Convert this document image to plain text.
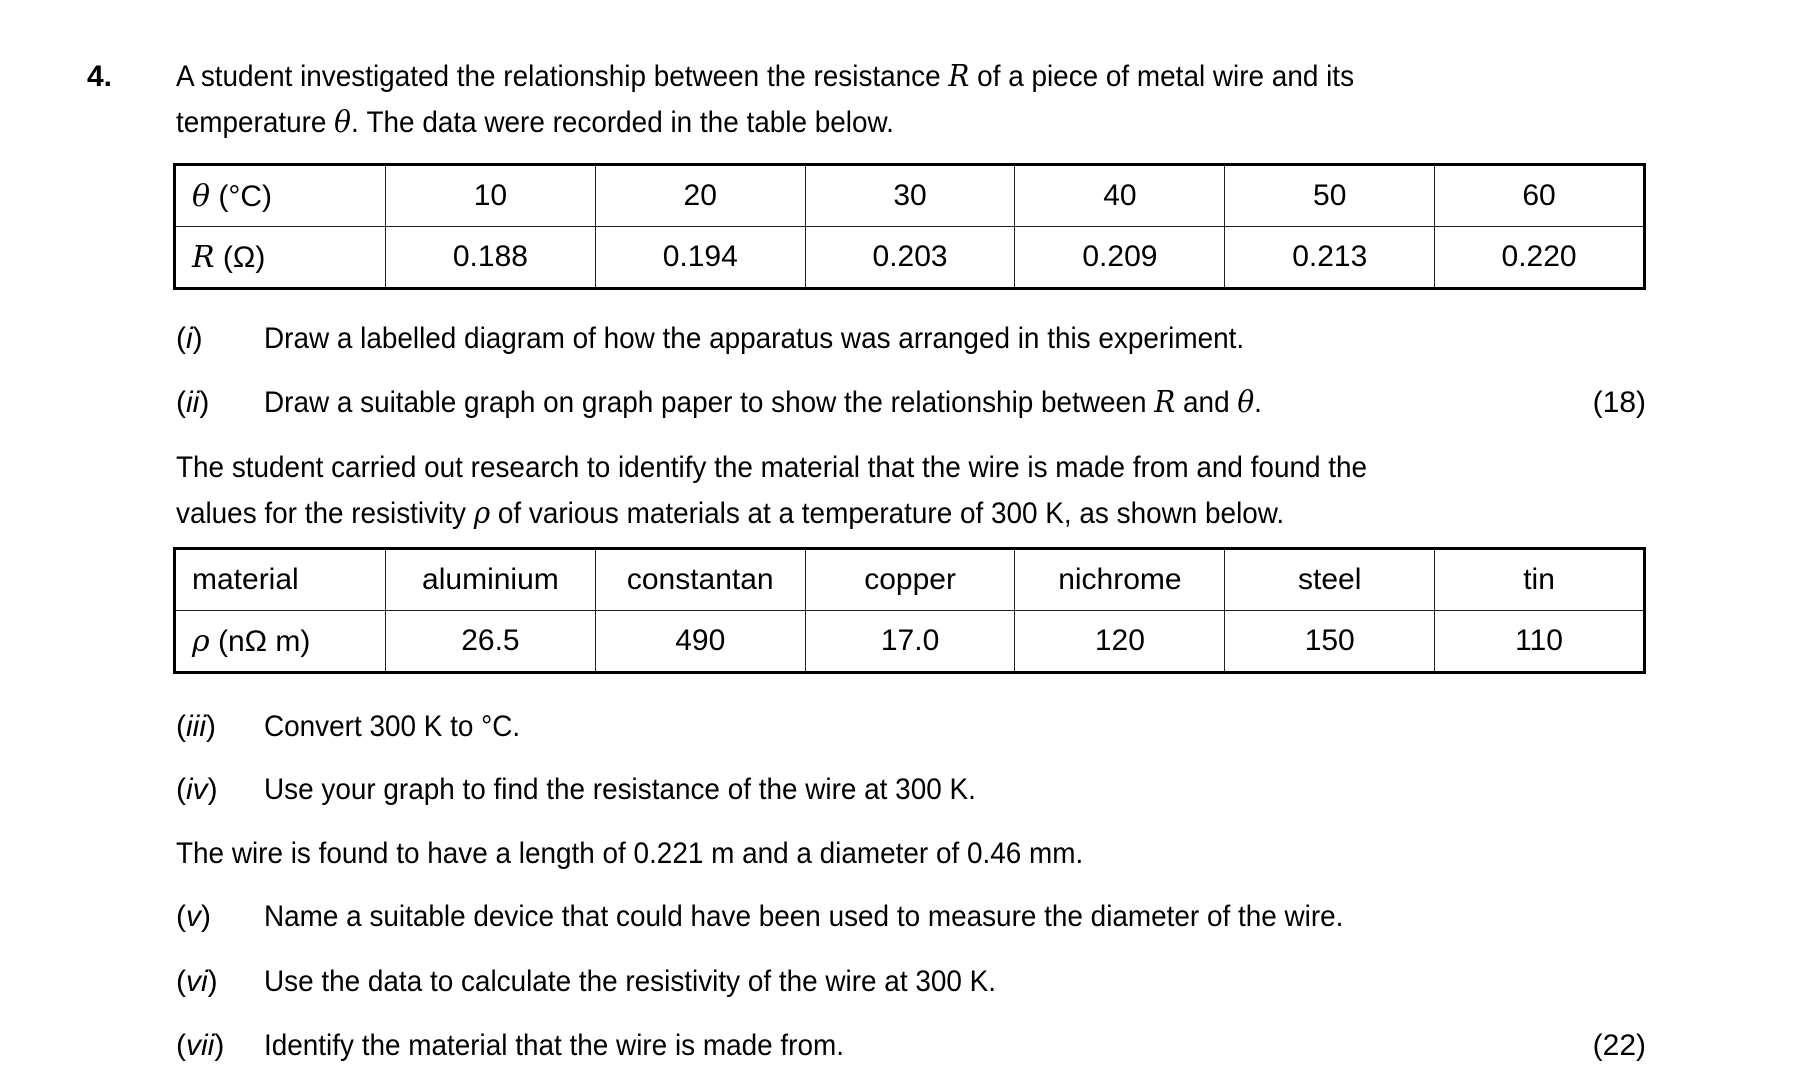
4. A student investigated the relationship between the resistance R of a piece of metal wire and its
temperature θ. The data were recorded in the table below.
θ (°C)	10	20	30	40	50	60
R (Ω)	0.188	0.194	0.203	0.209	0.213	0.220
(i) Draw a labelled diagram of how the apparatus was arranged in this experiment.
(ii) Draw a suitable graph on graph paper to show the relationship between R and θ.	(18)
The student carried out research to identify the material that the wire is made from and found the
values for the resistivity ρ of various materials at a temperature of 300 K, as shown below.
material	aluminium	constantan	copper	nichrome	steel	tin
ρ (nΩ m)	26.5	490	17.0	120	150	110
(iii) Convert 300 K to °C.
(iv) Use your graph to find the resistance of the wire at 300 K.
The wire is found to have a length of 0.221 m and a diameter of 0.46 mm.
(v) Name a suitable device that could have been used to measure the diameter of the wire.
(vi) Use the data to calculate the resistivity of the wire at 300 K.
(vii) Identify the material that the wire is made from.	(22)
